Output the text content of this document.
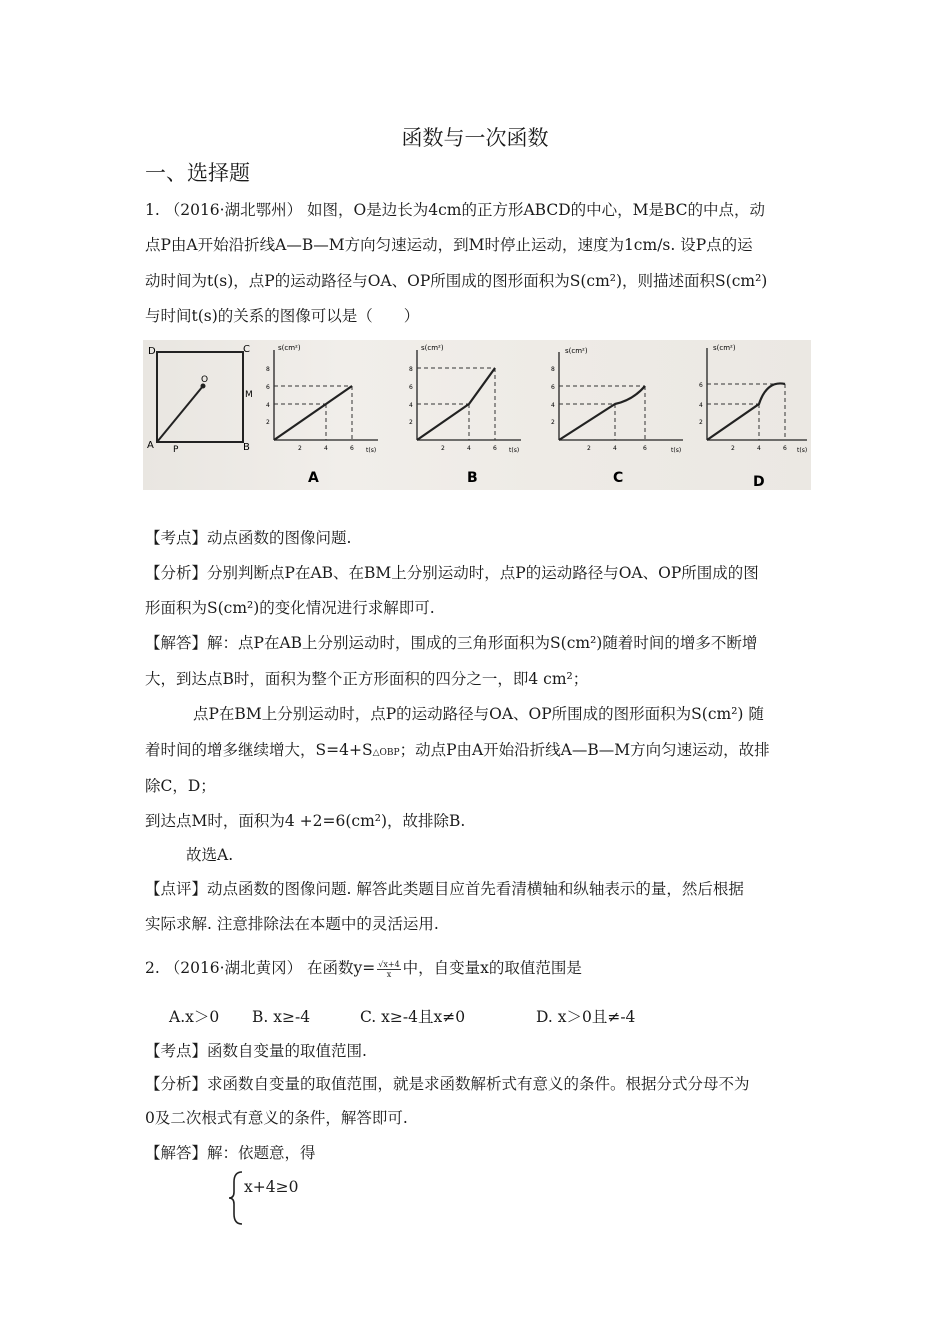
函数与一次函数
一、选择题
1. （2016·湖北鄂州） 如图，O是边长为4cm的正方形ABCD的中心，M是BC的中点，动
点P由A开始沿折线A—B—M方向匀速运动，到M时停止运动，速度为1cm/s. 设P点的运
动时间为t(s)，点P的运动路径与OA、OP所围成的图形面积为S(cm²)，则描述面积S(cm²)
与时间t(s)的关系的图像可以是（　　）
D	C
A	B
O
M
P
s(cm²)
t(s)
2
4
6
8
2	4	6
A
s(cm²)
t(s)
2
4
6
8
2	4	6
B
s(cm²)
t(s)
2
4
6
8
2	4	6
C
s(cm²)
t(s)
2
4
6
2	4	6
D
【考点】动点函数的图像问题.
【分析】分别判断点P在AB、在BM上分别运动时，点P的运动路径与OA、OP所围成的图
形面积为S(cm²)的变化情况进行求解即可.
【解答】解：点P在AB上分别运动时，围成的三角形面积为S(cm²)随着时间的增多不断增
大，到达点B时，面积为整个正方形面积的四分之一，即4 cm²；
点P在BM上分别运动时，点P的运动路径与OA、OP所围成的图形面积为S(cm²) 随
着时间的增多继续增大，S=4+S△OBP；动点P由A开始沿折线A—B—M方向匀速运动，故排
除C，D；
到达点M时，面积为4 +2=6(cm²)，故排除B.
故选A.
【点评】动点函数的图像问题. 解答此类题目应首先看清横轴和纵轴表示的量，然后根据
实际求解. 注意排除法在本题中的灵活运用.
2. （2016·湖北黄冈） 在函数$y= \frac{√x+4}{x}$ 中，自变量x的取值范围是
A.x＞0 B. x≥-4	C. x≥-4且x≠0	D. x＞0且≠-4
【考点】函数自变量的取值范围.
【分析】求函数自变量的取值范围，就是求函数解析式有意义的条件。根据分式分母不为
0及二次根式有意义的条件，解答即可.
【解答】解：依题意，得
x+4≥0
